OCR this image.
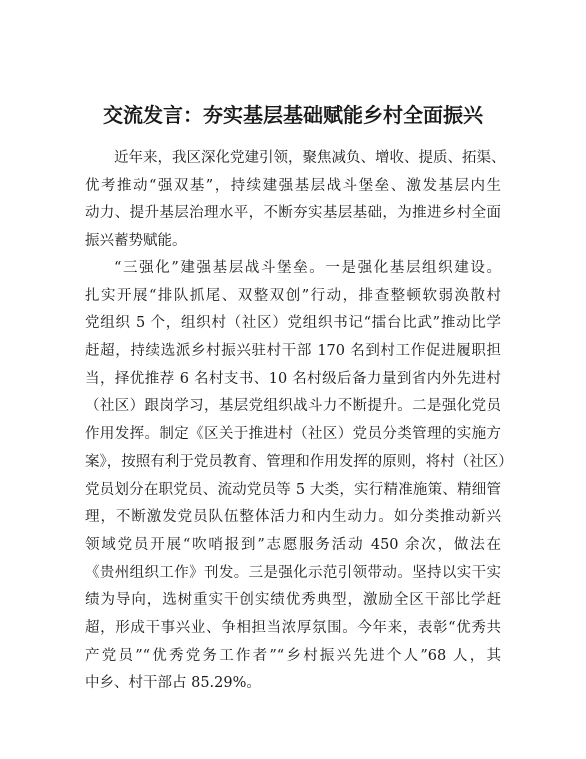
交流发言：夯实基层基础赋能乡村全面振兴
近年来，我区深化党建引领，聚焦减负、增收、提质、拓渠、
优考推动“强双基”，持续建强基层战斗堡垒、激发基层内生
动力、提升基层治理水平，不断夯实基层基础，为推进乡村全面
振兴蓄势赋能。
“三强化”建强基层战斗堡垒。一是强化基层组织建设。
扎实开展“排队抓尾、双整双创”行动，排查整顿软弱涣散村
党组织 5 个，组织村（社区）党组织书记“擂台比武”推动比学
赶超，持续选派乡村振兴驻村干部 170 名到村工作促进履职担
当，择优推荐 6 名村支书、10 名村级后备力量到省内外先进村
（社区）跟岗学习，基层党组织战斗力不断提升。二是强化党员
作用发挥。制定《区关于推进村（社区）党员分类管理的实施方
案》，按照有利于党员教育、管理和作用发挥的原则，将村（社区）
党员划分在职党员、流动党员等 5 大类，实行精准施策、精细管
理，不断激发党员队伍整体活力和内生动力。如分类推动新兴
领域党员开展“吹哨报到”志愿服务活动 450 余次，做法在
《贵州组织工作》刊发。三是强化示范引领带动。坚持以实干实
绩为导向，选树重实干创实绩优秀典型，激励全区干部比学赶
超，形成干事兴业、争相担当浓厚氛围。今年来，表彰“优秀共
产党员”“优秀党务工作者”“乡村振兴先进个人”68 人，其
中乡、村干部占 85.29%。
